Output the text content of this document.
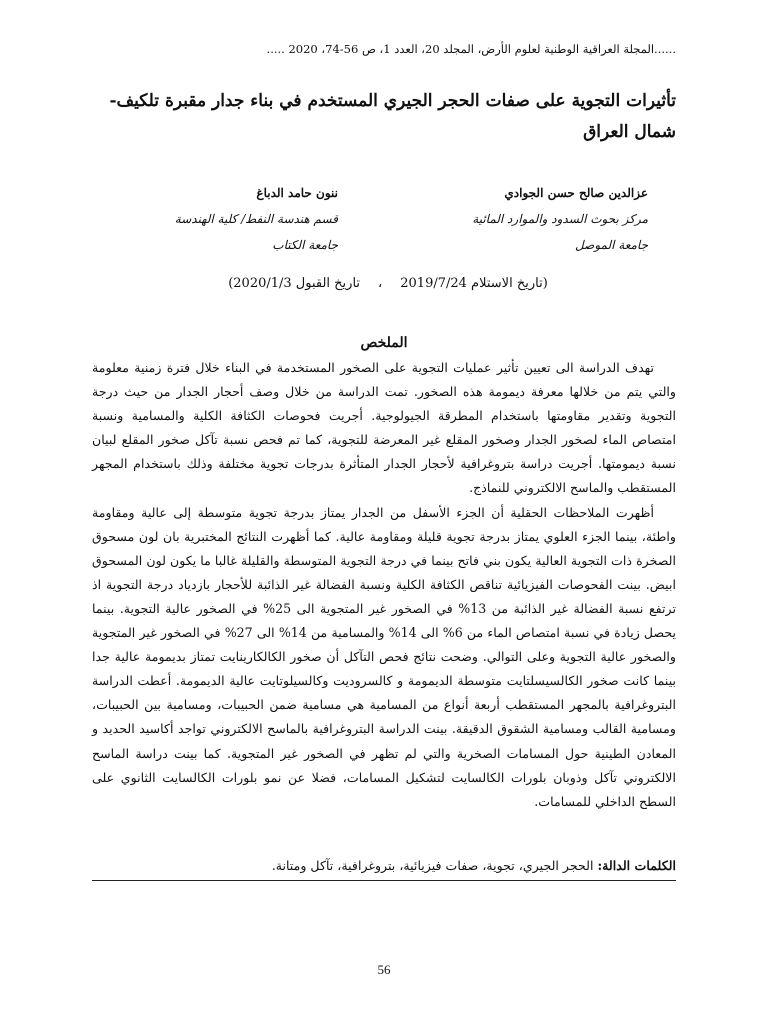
......المجلة العراقية الوطنية لعلوم الأرض، المجلد 20، العدد 1، ص 56-74، 2020 .....
تأثيرات التجوية على صفات الحجر الجيري المستخدم في بناء جدار مقبرة تلكيف- شمال العراق
عزالدين صالح حسن الجوادي
مركز بحوث السدود والموارد المائية
جامعة الموصل
ننون حامد الدباغ
قسم هندسة النفط/ كلية الهندسة
جامعة الكتاب
(تاريخ الاستلام 2019/7/24،تاريخ القبول 2020/1/3)
الملخص

تهدف الدراسة الى تعيين تأثير عمليات التجوية على الصخور المستخدمة في البناء خلال فترة زمنية معلومة والتي يتم من خلالها معرفة ديمومة هذه الصخور. تمت الدراسة من خلال وصف أحجار الجدار من حيث درجة التجوية وتقدير مقاومتها باستخدام المطرقة الجيولوجية. أجريت فحوصات الكثافة الكلية والمسامية ونسبة امتصاص الماء لصخور الجدار وصخور المقلع غير المعرضة للتجوية، كما تم فحص نسبة تآكل صخور المقلع لبيان نسبة ديمومتها. أجريت دراسة بتروغرافية لأحجار الجدار المتأثرة بدرجات تجوية مختلفة وذلك باستخدام المجهر المستقطب والماسح الالكتروني للنماذج.

أظهرت الملاحظات الحقلية أن الجزء الأسفل من الجدار يمتاز بدرجة تجوية متوسطة إلى عالية ومقاومة واطئة، بينما الجزء العلوي يمتاز بدرجة تجوية قليلة ومقاومة عالية. كما أظهرت النتائج المختبرية بان لون مسحوق الصخرة ذات التجوية العالية يكون بني فاتح بينما في درجة التجوية المتوسطة والقليلة غالبا ما يكون لون المسحوق ابيض. بينت الفحوصات الفيزيائية تناقص الكثافة الكلية ونسبة الفضالة غير الذائبة للأحجار بازدياد درجة التجوية اذ ترتفع نسبة الفضالة غير الذائبة من 13% في الصخور غير المتجوية الى 25% في الصخور عالية التجوية. بينما يحصل زيادة في نسبة امتصاص الماء من 6% الى 14% والمسامية من 14% الى 27% في الصخور غير المتجوية والصخور عالية التجوية وعلى التوالي. وضحت نتائج فحص التآكل أن صخور الكالكارينايت تمتاز بديمومة عالية جدا بينما كانت صخور الكالسيسلتايت متوسطة الديمومة و كالسروديت وكالسيلوتايت عالية الديمومة. أعطت الدراسة البتروغرافية بالمجهر المستقطب أربعة أنواع من المسامية هي مسامية ضمن الحبيبات، ومسامية بين الحبيبات، ومسامية القالب ومسامية الشقوق الدقيقة. بينت الدراسة البتروغرافية بالماسح الالكتروني تواجد أكاسيد الحديد و المعادن الطينية حول المسامات الصخرية والتي لم تظهر في الصخور غير المتجوية. كما بينت دراسة الماسح الالكتروني تآكل وذوبان بلورات الكالسايت لتشكيل المسامات، فضلا عن نمو بلورات الكالسايت الثانوي على السطح الداخلي للمسامات.

الكلمات الدالة: الحجر الجيري، تجوية، صفات فيزيائية، بتروغرافية، تآكل ومتانة.
56
